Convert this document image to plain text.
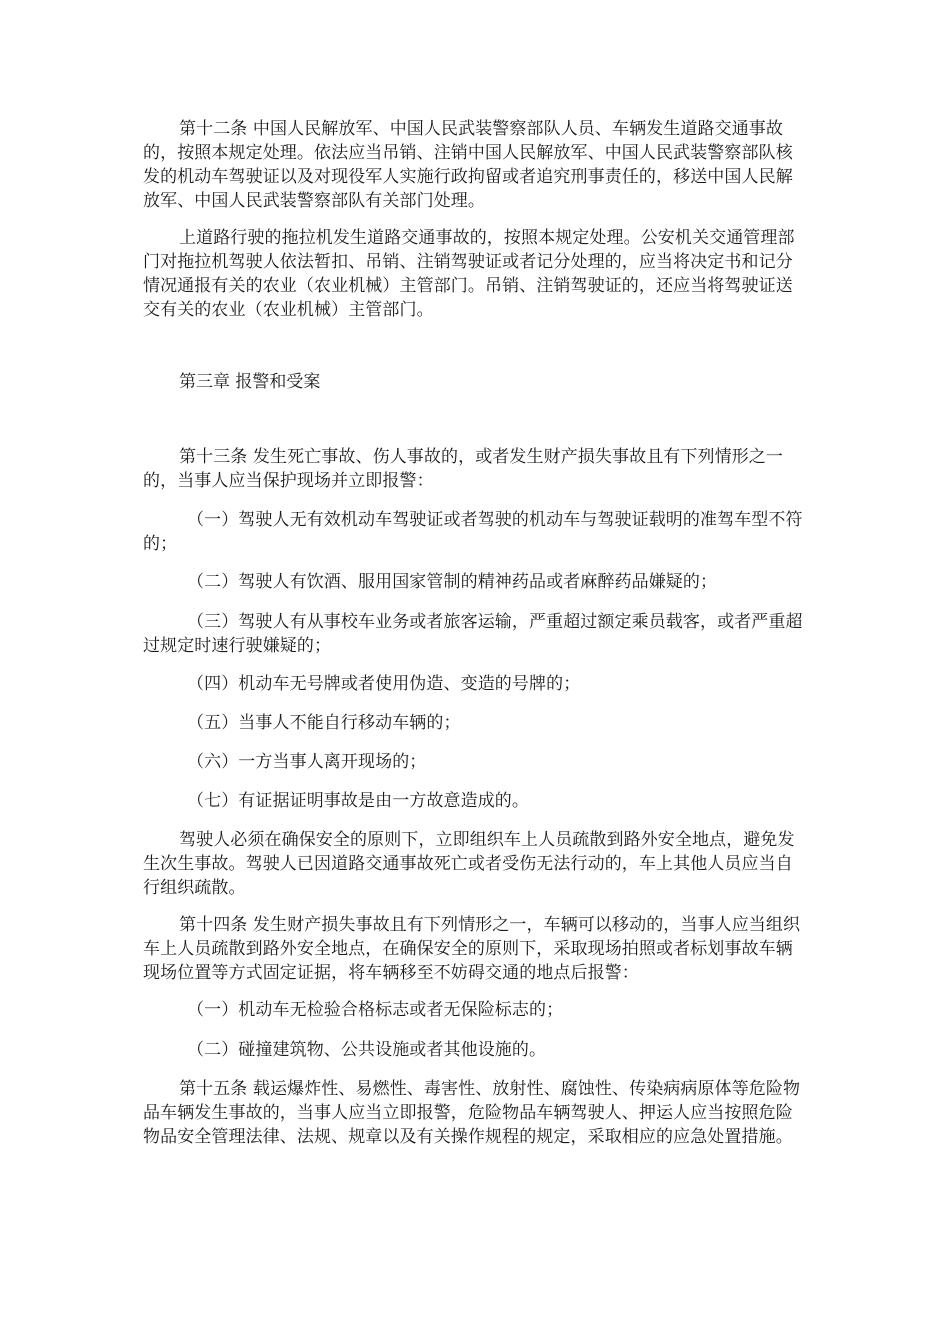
第十二条 中国人民解放军、中国人民武装警察部队人员、车辆发生道路交通事故的，按照本规定处理。依法应当吊销、注销中国人民解放军、中国人民武装警察部队核发的机动车驾驶证以及对现役军人实施行政拘留或者追究刑事责任的，移送中国人民解放军、中国人民武装警察部队有关部门处理。

上道路行驶的拖拉机发生道路交通事故的，按照本规定处理。公安机关交通管理部门对拖拉机驾驶人依法暂扣、吊销、注销驾驶证或者记分处理的，应当将决定书和记分情况通报有关的农业（农业机械）主管部门。吊销、注销驾驶证的，还应当将驾驶证送交有关的农业（农业机械）主管部门。

第三章 报警和受案

第十三条 发生死亡事故、伤人事故的，或者发生财产损失事故且有下列情形之一的，当事人应当保护现场并立即报警：

（一）驾驶人无有效机动车驾驶证或者驾驶的机动车与驾驶证载明的准驾车型不符的；

（二）驾驶人有饮酒、服用国家管制的精神药品或者麻醉药品嫌疑的；

（三）驾驶人有从事校车业务或者旅客运输，严重超过额定乘员载客，或者严重超过规定时速行驶嫌疑的；

（四）机动车无号牌或者使用伪造、变造的号牌的；

（五）当事人不能自行移动车辆的；

（六）一方当事人离开现场的；

（七）有证据证明事故是由一方故意造成的。

驾驶人必须在确保安全的原则下，立即组织车上人员疏散到路外安全地点，避免发生次生事故。驾驶人已因道路交通事故死亡或者受伤无法行动的，车上其他人员应当自行组织疏散。

第十四条 发生财产损失事故且有下列情形之一，车辆可以移动的，当事人应当组织车上人员疏散到路外安全地点，在确保安全的原则下，采取现场拍照或者标划事故车辆现场位置等方式固定证据，将车辆移至不妨碍交通的地点后报警：

（一）机动车无检验合格标志或者无保险标志的；

（二）碰撞建筑物、公共设施或者其他设施的。

第十五条 载运爆炸性、易燃性、毒害性、放射性、腐蚀性、传染病病原体等危险物品车辆发生事故的，当事人应当立即报警，危险物品车辆驾驶人、押运人应当按照危险物品安全管理法律、法规、规章以及有关操作规程的规定，采取相应的应急处置措施。
